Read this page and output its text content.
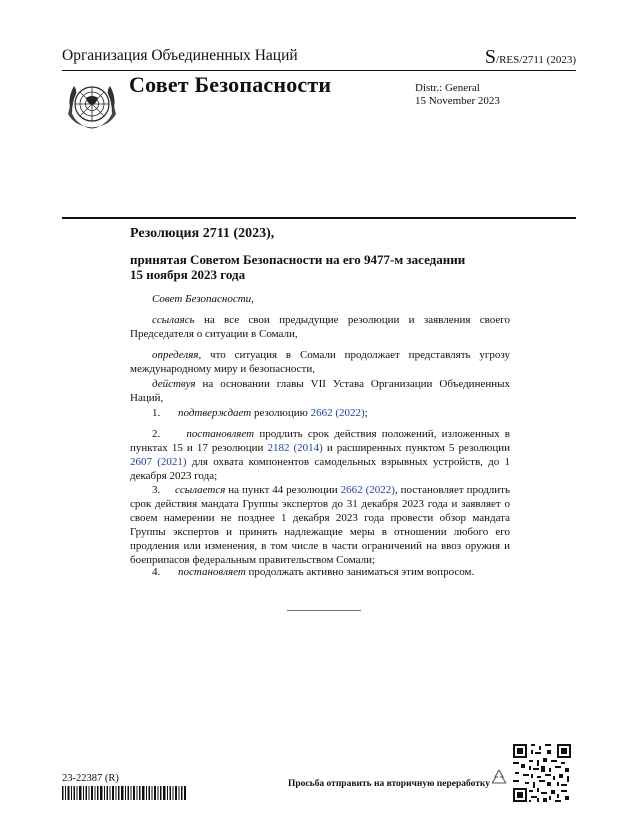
Организация Объединенных Наций	S/RES/2711 (2023)
Совет Безопасности	Distr.: General
15 November 2023
Резолюция 2711 (2023),
принятая Советом Безопасности на его 9477-м заседании
15 ноября 2023 года
Совет Безопасности,
ссылаясь на все свои предыдущие резолюции и заявления своего Председателя о ситуации в Сомали,
определяя, что ситуация в Сомали продолжает представлять угрозу международному миру и безопасности,
действуя на основании главы VII Устава Организации Объединенных Наций,
1.	подтверждает резолюцию 2662 (2022);
2. постановляет продлить срок действия положений, изложенных в пунктах 15 и 17 резолюции 2182 (2014) и расширенных пунктом 5 резолюции 2607 (2021) для охвата компонентов самодельных взрывных устройств, до 1 декабря 2023 года;
3. ссылается на пункт 44 резолюции 2662 (2022), постановляет продлить срок действия мандата Группы экспертов до 31 декабря 2023 года и заявляет о своем намерении не позднее 1 декабря 2023 года провести обзор мандата Группы экспертов и принять надлежащие меры в отношении любого его продления или изменения, в том числе в части ограничений на ввоз оружия и боеприпасов федеральным правительством Сомали;
4.	постановляет продолжать активно заниматься этим вопросом.
23-22387 (R)	Просьба отправить на вторичную переработку
